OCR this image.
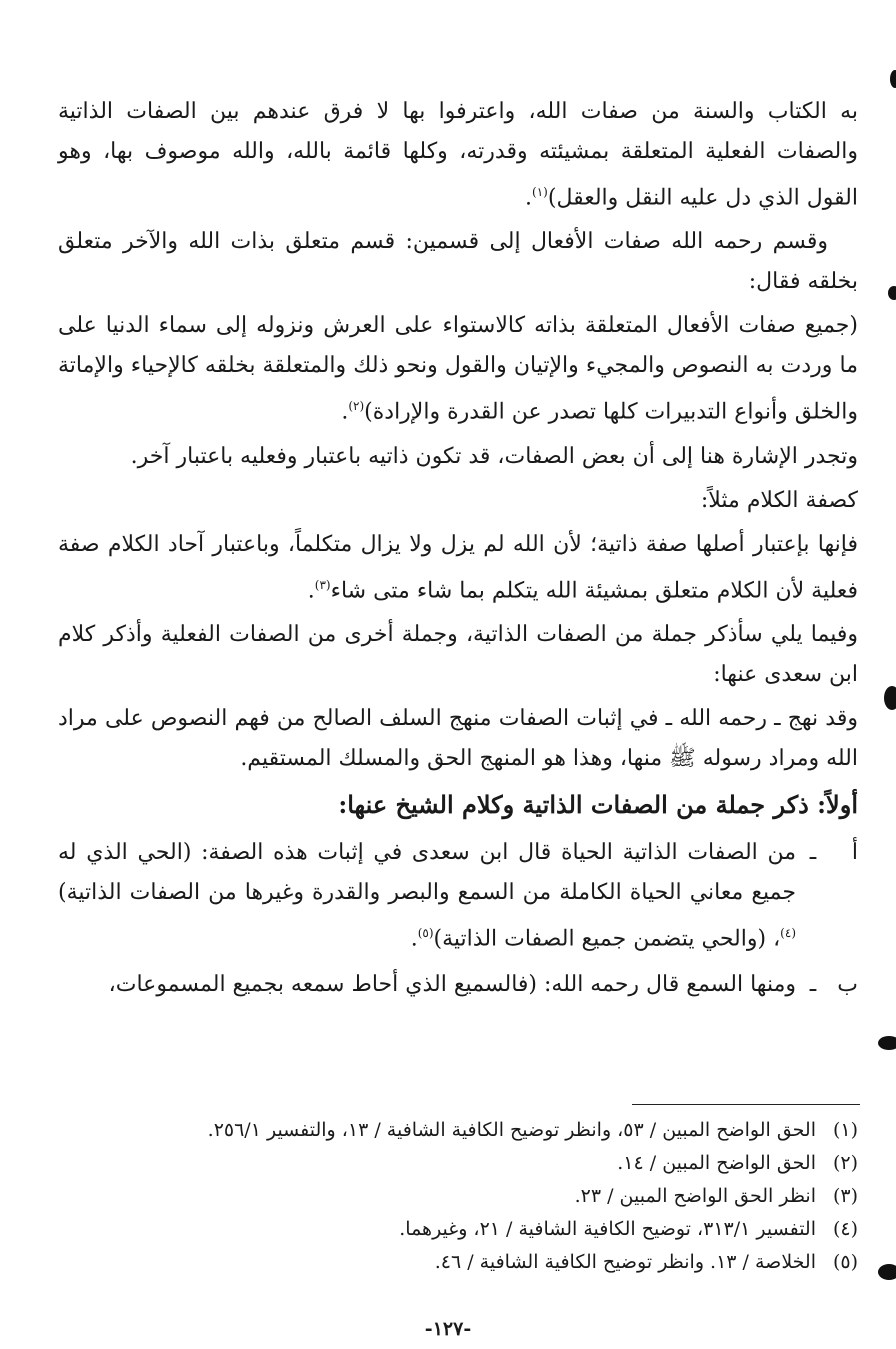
به الكتاب والسنة من صفات الله، واعترفوا بها لا فرق عندهم بين الصفات الذاتية والصفات الفعلية المتعلقة بمشيئته وقدرته، وكلها قائمة بالله، والله موصوف بها، وهو القول الذي دل عليه النقل والعقل)$^{(١)}$.

وقسم رحمه الله صفات الأفعال إلى قسمين: قسم متعلق بذات الله والآخر متعلق بخلقه فقال:

(جميع صفات الأفعال المتعلقة بذاته كالاستواء على العرش ونزوله إلى سماء الدنيا على ما وردت به النصوص والمجيء والإتيان والقول ونحو ذلك والمتعلقة بخلقه كالإحياء والإماتة والخلق وأنواع التدبيرات كلها تصدر عن القدرة والإرادة)$^{(٢)}$.

وتجدر الإشارة هنا إلى أن بعض الصفات، قد تكون ذاتيه باعتبار وفعليه باعتبار آخر.

كصفة الكلام مثلاً:

فإنها بإعتبار أصلها صفة ذاتية؛ لأن الله لم يزل ولا يزال متكلماً، وباعتبار آحاد الكلام صفة فعلية لأن الكلام متعلق بمشيئة الله يتكلم بما شاء متى شاء$^{(٣)}$.

وفيما يلي سأذكر جملة من الصفات الذاتية، وجملة أخرى من الصفات الفعلية وأذكر كلام ابن سعدى عنها:

وقد نهج ـ رحمه الله ـ في إثبات الصفات منهج السلف الصالح من فهم النصوص على مراد الله ومراد رسوله ﷺ منها، وهذا هو المنهج الحق والمسلك المستقيم.

أولاً: ذكر جملة من الصفات الذاتية وكلام الشيخ عنها:
أ
ـ
من الصفات الذاتية الحياة قال ابن سعدى في إثبات هذه الصفة: (الحي الذي له جميع معاني الحياة الكاملة من السمع والبصر والقدرة وغيرها من الصفات الذاتية)$^{(٤)}$، (والحي يتضمن جميع الصفات الذاتية)$^{(٥)}$.
ب
ـ
ومنها السمع قال رحمه الله: (فالسميع الذي أحاط سمعه بجميع المسموعات،
(١)
الحق الواضح المبين / ٥٣، وانظر توضيح الكافية الشافية / ١٣، والتفسير ٢٥٦/١.
(٢)
الحق الواضح المبين / ١٤.
(٣)
انظر الحق الواضح المبين / ٢٣.
(٤)
التفسير ٣١٣/١، توضيح الكافية الشافية / ٢١، وغيرهما.
(٥)
الخلاصة / ١٣. وانظر توضيح الكافية الشافية / ٤٦.
-١٢٧-
